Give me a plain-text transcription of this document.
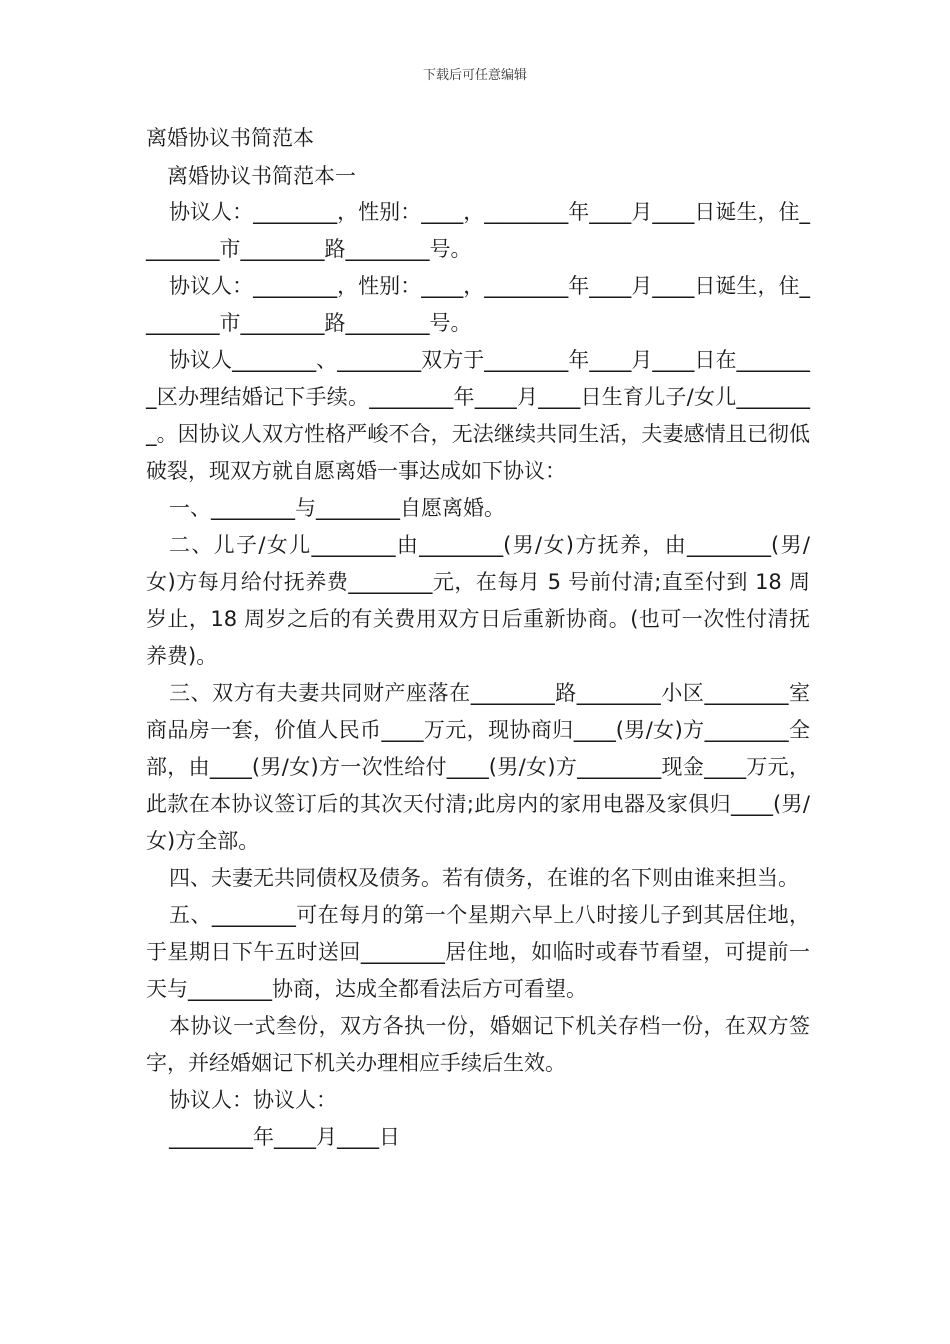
下载后可任意编辑
离婚协议书简范本
离婚协议书简范本一

协议人：________，性别：____，________年____月____日诞生，住________市________路________号。

协议人：________，性别：____，________年____月____日诞生，住________市________路________号。

协议人________、________双方于________年____月____日在________区办理结婚记下手续。________年____月____日生育儿子/女儿________。因协议人双方性格严峻不合，无法继续共同生活，夫妻感情且已彻低破裂，现双方就自愿离婚一事达成如下协议：

一、________与________自愿离婚。

二、儿子/女儿________由________(男/女)方抚养，由________(男/女)方每月给付抚养费________元，在每月 5 号前付清;直至付到 18 周岁止，18 周岁之后的有关费用双方日后重新协商。(也可一次性付清抚养费)。

三、双方有夫妻共同财产座落在________路________小区________室商品房一套，价值人民币____万元，现协商归____(男/女)方________全部，由____(男/女)方一次性给付____(男/女)方________现金____万元，此款在本协议签订后的其次天付清;此房内的家用电器及家俱归____(男/女)方全部。

四、夫妻无共同债权及债务。若有债务，在谁的名下则由谁来担当。

五、________可在每月的第一个星期六早上八时接儿子到其居住地，于星期日下午五时送回________居住地，如临时或春节看望，可提前一天与________协商，达成全都看法后方可看望。

本协议一式叁份，双方各执一份，婚姻记下机关存档一份，在双方签字，并经婚姻记下机关办理相应手续后生效。

协议人：协议人：

________年____月____日
